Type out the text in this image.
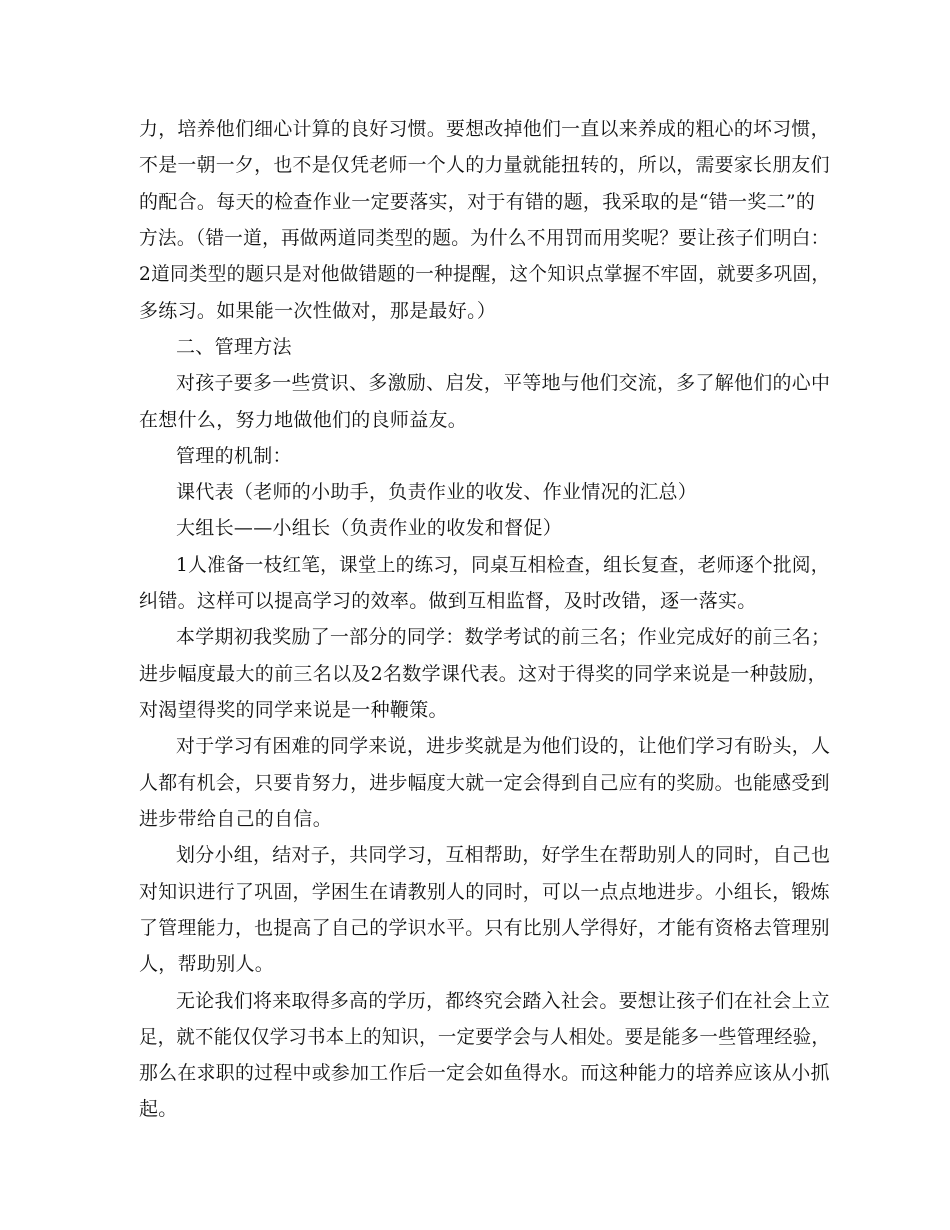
力，培养他们细心计算的良好习惯。要想改掉他们一直以来养成的粗心的坏习惯，
不是一朝一夕，也不是仅凭老师一个人的力量就能扭转的，所以，需要家长朋友们
的配合。每天的检查作业一定要落实，对于有错的题，我采取的是“错一奖二”的
方法。（错一道，再做两道同类型的题。为什么不用罚而用奖呢？要让孩子们明白：
2道同类型的题只是对他做错题的一种提醒，这个知识点掌握不牢固，就要多巩固，
多练习。如果能一次性做对，那是最好。）
二、管理方法
对孩子要多一些赏识、多激励、启发，平等地与他们交流，多了解他们的心中
在想什么，努力地做他们的良师益友。
管理的机制：
课代表（老师的小助手，负责作业的收发、作业情况的汇总）
大组长——小组长（负责作业的收发和督促）
1人准备一枝红笔，课堂上的练习，同桌互相检查，组长复查，老师逐个批阅，
纠错。这样可以提高学习的效率。做到互相监督，及时改错，逐一落实。
本学期初我奖励了一部分的同学：数学考试的前三名；作业完成好的前三名；
进步幅度最大的前三名以及2名数学课代表。这对于得奖的同学来说是一种鼓励，
对渴望得奖的同学来说是一种鞭策。
对于学习有困难的同学来说，进步奖就是为他们设的，让他们学习有盼头，人
人都有机会，只要肯努力，进步幅度大就一定会得到自己应有的奖励。也能感受到
进步带给自己的自信。
划分小组，结对子，共同学习，互相帮助，好学生在帮助别人的同时，自己也
对知识进行了巩固，学困生在请教别人的同时，可以一点点地进步。小组长，锻炼
了管理能力，也提高了自己的学识水平。只有比别人学得好，才能有资格去管理别
人，帮助别人。
无论我们将来取得多高的学历，都终究会踏入社会。要想让孩子们在社会上立
足，就不能仅仅学习书本上的知识，一定要学会与人相处。要是能多一些管理经验，
那么在求职的过程中或参加工作后一定会如鱼得水。而这种能力的培养应该从小抓
起。
